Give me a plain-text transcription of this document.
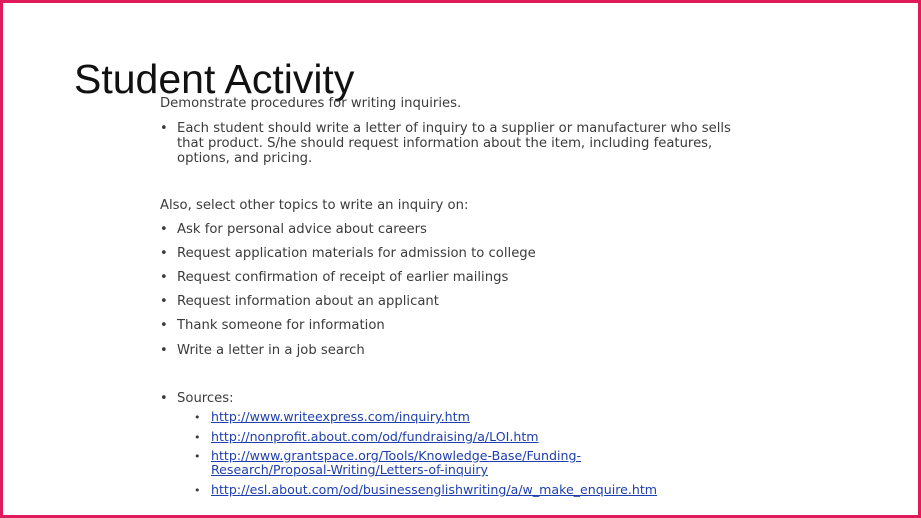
Student Activity
Demonstrate procedures for writing inquiries.
• Each student should write a letter of inquiry to a supplier or manufacturer who sells
that product. S/he should request information about the item, including features,
options, and pricing.
Also, select other topics to write an inquiry on:
• Ask for personal advice about careers
• Request application materials for admission to college
• Request confirmation of receipt of earlier mailings
• Request information about an applicant
• Thank someone for information
• Write a letter in a job search
• Sources:
• http://www.writeexpress.com/inquiry.htm
• http://nonprofit.about.com/od/fundraising/a/LOI.htm
• http://www.grantspace.org/Tools/Knowledge-Base/Funding-
Research/Proposal-Writing/Letters-of-inquiry
• http://esl.about.com/od/businessenglishwriting/a/w_make_enquire.htm
